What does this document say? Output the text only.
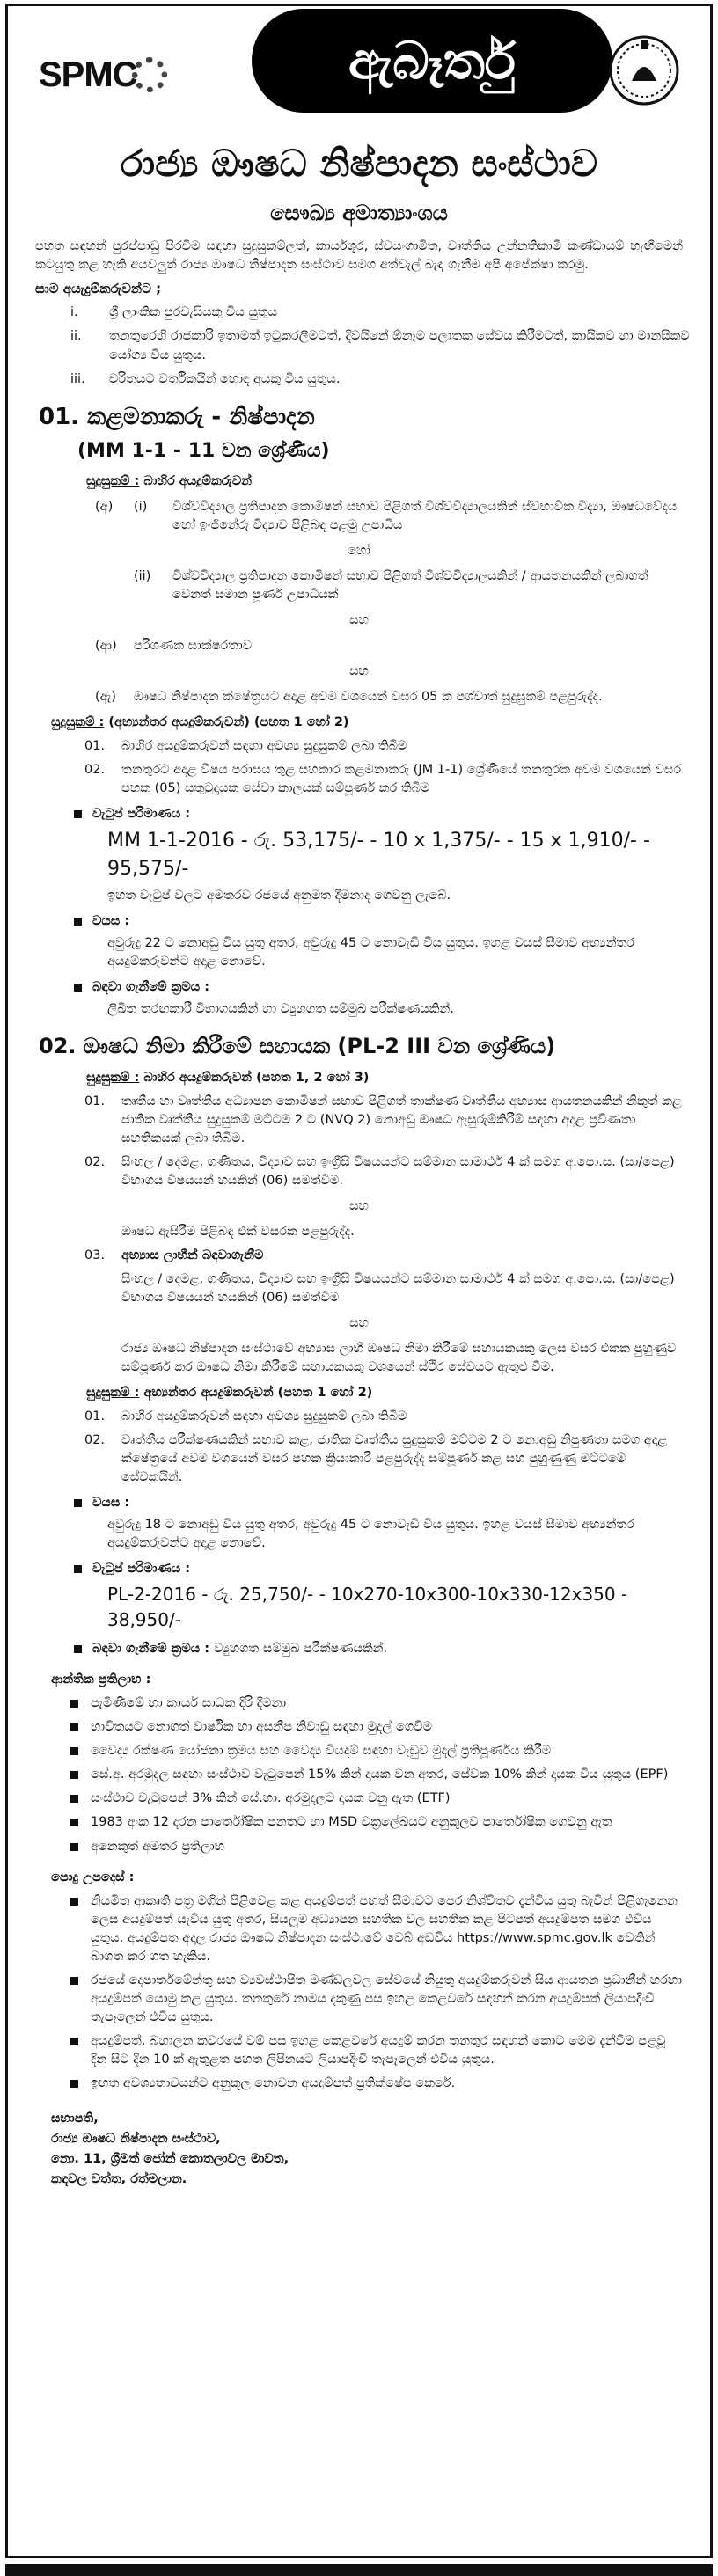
SPMC	ඇබෑර්තු
රාජ්‍ය ඖෂධ නිෂ්පාදන සංස්ථාව
සෞඛ්‍ය අමාත්‍යාංශය
පහත සඳහන් පුරප්පාඩු පිරවීම සඳහා සුදුසුකම්ලත්, කාර්යශූර, ස්වයංගාමිත, වෘත්තිය උන්නතිකාමී කණ්ඩායම් හැඟීමෙන් කටයුතු කළ හැකි අයවලුන් රාජ්‍ය ඖෂධ නිෂ්පාදන සංස්ථාව සමග අත්වැල් බැඳ ගැනීම අපි අපේක්ෂා කරමු.
සාම අයැදුම්කරුවන්ට ;
i.	ශ්‍රී ලාංකික පුරවැසියකු විය යුතුය
ii.	තනතුරෙහි රාජකාරි ඉතාමත් ඉටුකරලීමටත්, දිවයිනේ ඕනෑම පලාතක සේවය කිරීමටත්, කායිකව හා මානසිකව යෝග්‍ය විය යුතුය.
iii.	චරිතයට වර්තිකයින් හොඳ අයකු විය යුතුය.
01. කළමනාකරු - නිෂ්පාදන
(MM 1-1 - 11 වන ශ්‍රේණිය)
සුදුසුකම් : බාහිර අයදුම්කරුවන්
(අ)	(i)	විශ්වවිද්‍යාල ප්‍රතිපාදන කොමිෂන් සභාව පිළිගත් විශ්වවිද්‍යාලයකින් ස්වභාවික විද්‍යා, ඖෂධවේදය හෝ ඉංජිනේරු විද්‍යාව පිළිබඳ පළමු උපාධිය
හෝ
(ii)	විශ්වවිද්‍යාල ප්‍රතිපාදන කොමිෂන් සභාව පිළිගත් විශ්වවිද්‍යාලයකින් / ආයතනයකින් ලබාගත් වෙනත් සමාන පූර්ණ උපාධියක්
සහ
(ආ)	පරිගණක සාක්ෂරතාව
සහ
(ඇ)	ඖෂධ නිෂ්පාදන ක්ෂේත්‍රයට අදාළ අවම වශයෙන් වසර 05 ක පශ්චාත් සුදුසුකම් පළපුරුද්ද.
සුදුසුකම් : (අභ්‍යන්තර අයදුම්කරුවන්) (පහත 1 හෝ 2)
01.	බාහිර අයදුම්කරුවන් සඳහා අවශ්‍ය සුදුසුකම් ලබා තිබීම
02.	තනතුරට අදාළ විෂය පරාසය තුළ සහකාර කළමනාකරු (JM 1-1) ශ්‍රේණියේ තනතුරක අවම වශයෙන් වසර පහක (05) සතුටුදායක සේවා කාලයක් සම්පූර්ණ කර තිබීම
වැටුප් පරිමාණය :
MM 1-1-2016 - රු. 53,175/- - 10 x 1,375/- - 15 x 1,910/- - 95,575/-
ඉහත වැටුප් වලට අමතරව රජයේ අනුමත දීමනාද ගෙවනු ලැබේ.
වයස :
අවුරුදු 22 ට නොඅඩු විය යුතු අතර, අවුරුදු 45 ට නොවැඩි විය යුතුය. ඉහළ වයස් සීමාව අභ්‍යන්තර අයදුම්කරුවන්ට අදාළ නොවේ.
බඳවා ගැනීමේ ක්‍රමය :
ලිඛිත තරඟකාරී විභාගයකින් හා ව්‍යුහගත සම්මුඛ පරීක්ෂණයකින්.
02. ඖෂධ නිමා කිරීමේ සහායක (PL-2 III වන ශ්‍රේණිය)
සුදුසුකම් : බාහිර අයදුම්කරුවන් (පහත 1, 2 හෝ 3)
01.	තෘතීය හා වෘත්තීය අධ්‍යාපන කොමිෂන් සභාව පිළිගත් තාක්ෂණ වෘත්තීය අභ්‍යාස ආයතනයකින් නිකුත් කළ ජාතික වෘත්තීය සුදුසුකම් මට්ටම 2 ට (NVQ 2) නොඅඩු ඖෂධ ඇසුරුම්කිරීම් සඳහා අදාළ ප්‍රවීණතා සහතිකයක් ලබා තිබීම.
02.	සිංහල / දෙමළ, ගණිතය, විද්‍යාව සහ ඉංග්‍රීසි විෂයයන්ට සම්මාන සාමාර්ථ 4 ක් සමග අ.පො.ස. (සා/පෙළ) විභාගය විෂයයන් හයකින් (06) සමත්වීම.
සහ
ඖෂධ ඇසිරීම පිළිබඳ එක් වසරක පළපුරුද්ද.
03.	අභ්‍යාස ලාභීන් බඳවාගැනීම
සිංහල / දෙමළ, ගණිතය, විද්‍යාව සහ ඉංග්‍රීසි විෂයයන්ට සම්මාන සාමාර්ථ 4 ක් සමග අ.පො.ස. (සා/පෙළ) විභාගය විෂයයන් හයකින් (06) සමත්වීම
සහ
රාජ්‍ය ඖෂධ නිෂ්පාදන සංස්ථාවේ අභ්‍යාස ලාභී ඖෂධ නිමා කිරීමේ සහායකයකු ලෙස වසර එකක පුහුණුව සම්පූර්ණ කර ඖෂධ නිමා කිරීමේ සහායකයකු වශයෙන් ස්ථිර සේවයට ඇතුළු වීම.
සුදුසුකම් : අභ්‍යන්තර අයදුම්කරුවන් (පහත 1 හෝ 2)
01.	බාහිර අයදුම්කරුවන් සඳහා අවශ්‍ය සුදුසුකම් ලබා තිබීම
02.	වෘත්තීය පරීක්ෂණයකින් සභාව කළ, ජාතික වෘත්තීය සුදුසුකම් මට්ටම 2 ට නොඅඩු නිපුණතා සමග අදාළ ක්ෂේත්‍රයේ අවම වශයෙන් වසර පහක ක්‍රියාකාරී පළපුරුද්ද සම්පූර්ණ කළ සහ පුහුණුණු මට්ටමේ සේවකයින්.
වයස :
අවුරුදු 18 ට නොඅඩු විය යුතු අතර, අවුරුදු 45 ට නොවැඩි විය යුතුය. ඉහළ වයස් සීමාව අභ්‍යන්තර අයදුම්කරුවන්ට අදාළ නොවේ.
වැටුප් පරිමාණය :
PL-2-2016 - රු. 25,750/- - 10x270-10x300-10x330-12x350 - 38,950/-
බඳවා ගැනීමේ ක්‍රමය :
ව්‍යුහගත සම්මුඛ පරීක්ෂණයකින්.
ආන්තික ප්‍රතිලාභ :
පැමිණීමේ හා කාර්ය සාධක දිරි දීමනා
භාවිතයට නොගත් වාර්ෂික හා අසනීප නිවාඩු සඳහා මුදල් ගෙවීම
වෛද්‍ය රක්ෂණ යෝජනා ක්‍රමය සහ වෛද්‍ය වියදම් සඳහා වැඩුව මුදල් ප්‍රතිපූර්ණය කිරීම
සේ.අ. අරමුදල සඳහා සංස්ථාව වැටුපෙන් 15% කින් දායක වන අතර, සේවක 10% කින් දායක විය යුතුය (EPF)
සංස්ථාව වැටුපෙන් 3% කින් සේ.භා. අරමුදලට දායක වනු ඇත (ETF)
1983 අංක 12 දරන පාර්තෝෂික පනතට හා MSD චක්‍රලේඛයට අනුකූලව පාර්තෝෂික ගෙවනු ඇත
අනෙකුත් අමතර ප්‍රතිලාභ
පොදු උපදෙස් :
නියමිත ආකෘති පත්‍ර මගින් පිළිවෙළ කළ අයදුම්පත් පහත් සීමාවට පෙර නිශ්චිතව දැන්විය යුතු බැවින් පිළිගැනෙන ලෙස අයදුම්පත් යැවිය යුතු අතර, සියලුම අධ්‍යාපන සහතික වල සහතික කළ පිටපත් අයදුම්පත සමග එවිය යුතුය. අයදුම්පත අදාල රාජ්‍ය ඖෂධ නිෂ්පාදන සංස්ථාවේ වෙබ් අඩවිය https://www.spmc.gov.lk වෙතින් බාගත කර ගත හැකිය.
රජයේ දෙපාර්තමේන්තු සහ ව්‍යවස්ථාපිත මණ්ඩලවල සේවයේ නියුතු අයදුම්කරුවන් සිය ආයතන ප්‍රධානීන් හරහා අයදුම්පත් යොමු කළ යුතුය. තනතුරේ නාමය දකුණු පස ඉහළ කෙළවරේ සඳහන් කරන අයදුම්පත් ලියාපදිංචි තැපෑලෙන් එවිය යුතුය.
අයදුම්පත්, බහාලන කවරයේ වම් පස ඉහළ කෙළවරේ අයදුම් කරන තනතුර සඳහන් කොට මෙම දැන්වීම පළවූ දින සිට දින 10 ක් ඇතුළත පහත ලිපිනයට ලියාපදිංචි තැපෑලෙන් එවිය යුතුය.
ඉහත අවශ්‍යතාවයන්ට අනුකූල නොවන අයදුම්පත් ප්‍රතික්ෂේප කෙරේ.
සභාපති,
රාජ්‍ය ඖෂධ නිෂ්පාදන සංස්ථාව,
නො. 11, ශ්‍රීමත් ජෝන් කොතලාවල මාවත,
කඳවල වත්ත, රත්මලාන.
